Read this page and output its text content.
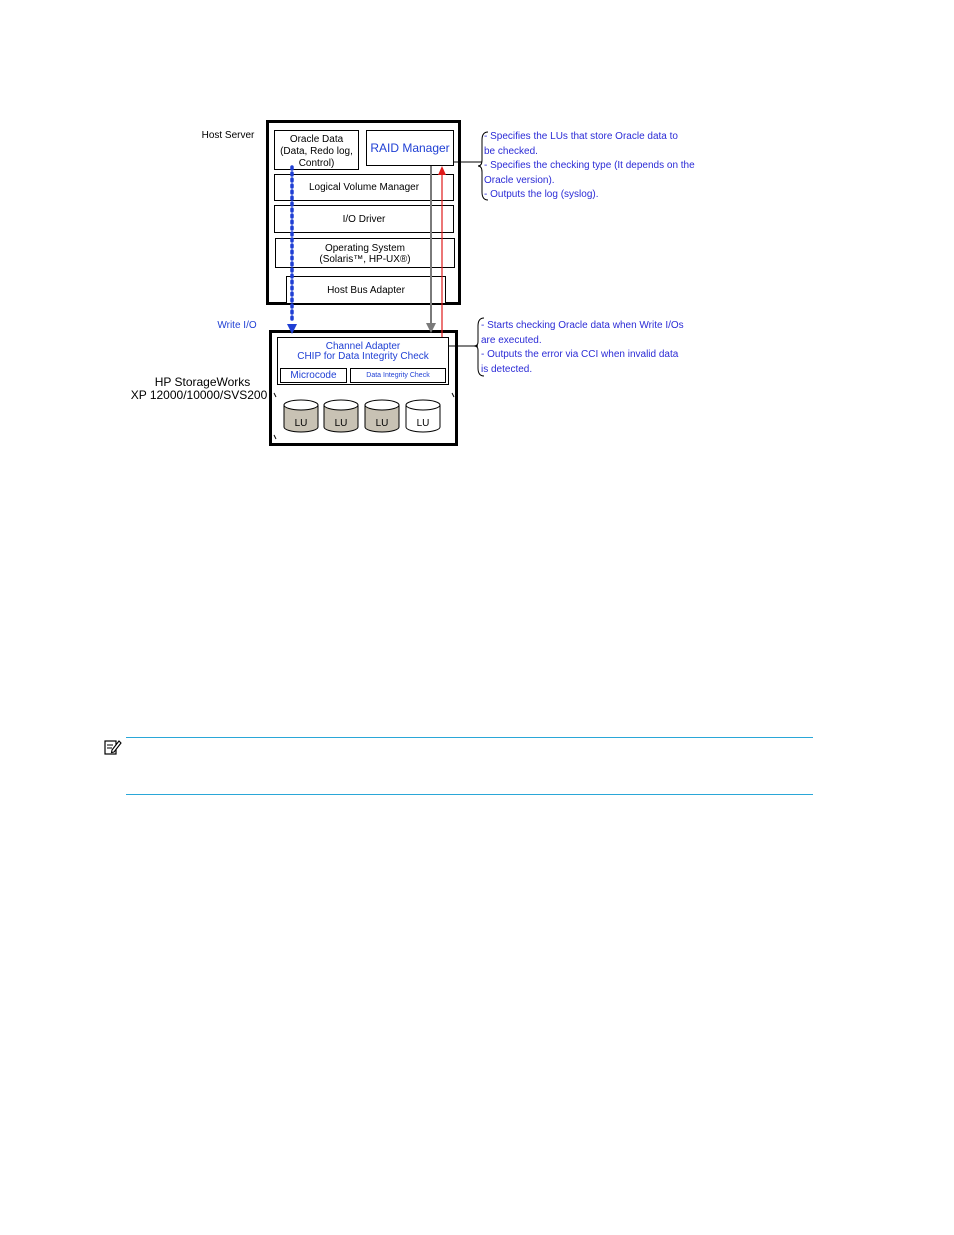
Host Server	Oracle Data
(Data, Redo log,
Control)
RAID Manager
Logical Volume Manager
I/O Driver
Operating System
(Solaris™, HP-UX®)
Host Bus Adapter
Write I/O
HP StorageWorks
XP 12000/10000/SVS200
Channel Adapter
CHIP for Data Integrity Check
Microcode	Data Integrity Check
LU	LU	LU	LU
- Specifies the LUs that store Oracle data to
be checked.
- Specifies the checking type (It depends on the
Oracle version).
- Outputs the log (syslog).
- Starts checking Oracle data when Write I/Os
are executed.
- Outputs the error via CCI when invalid data
is detected.
